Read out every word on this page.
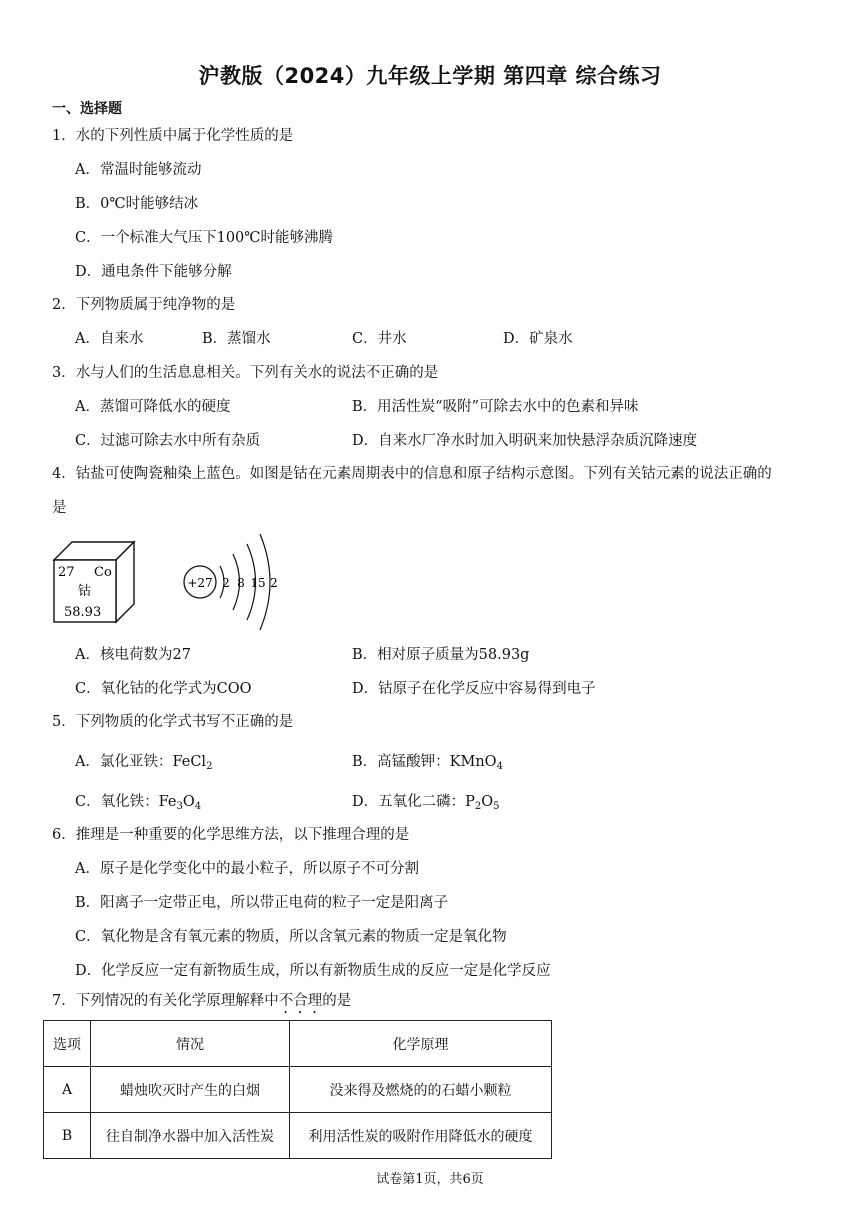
沪教版（2024）九年级上学期 第四章 综合练习
一、选择题
1．水的下列性质中属于化学性质的是
A．常温时能够流动
B．0℃时能够结冰
C．一个标准大气压下100℃时能够沸腾
D．通电条件下能够分解
2．下列物质属于纯净物的是
A．自来水	B．蒸馏水	C．井水	D．矿泉水
3．水与人们的生活息息相关。下列有关水的说法不正确的是
A．蒸馏可降低水的硬度	B．用活性炭“吸附”可除去水中的色素和异味
C．过滤可除去水中所有杂质	D．自来水厂净水时加入明矾来加快悬浮杂质沉降速度
4．钴盐可使陶瓷釉染上蓝色。如图是钴在元素周期表中的信息和原子结构示意图。下列有关钴元素的说法正确的
是
27 Co
钴
58.93
+27 2 8 15 2
A．核电荷数为27	B．相对原子质量为58.93g
C．氧化钴的化学式为COO	D．钴原子在化学反应中容易得到电子
5．下列物质的化学式书写不正确的是
A．氯化亚铁：FeCl$_2$	B．高锰酸钾：KMnO$_4$
C．氧化铁：$Fe_3O_4$	D．五氧化二磷：$P_2O_5$
6．推理是一种重要的化学思维方法，以下推理合理的是
A．原子是化学变化中的最小粒子，所以原子不可分割
B．阳离子一定带正电，所以带正电荷的粒子一定是阳离子
C．氧化物是含有氧元素的物质，所以含氧元素的物质一定是氧化物
D．化学反应一定有新物质生成，所以有新物质生成的反应一定是化学反应
7．下列情况的有关化学原理解释中不合理的是
选项	情况	化学原理
A	蜡烛吹灭时产生的白烟	没来得及燃烧的的石蜡小颗粒
B	往自制净水器中加入活性炭	利用活性炭的吸附作用降低水的硬度
试卷第1页，共6页
